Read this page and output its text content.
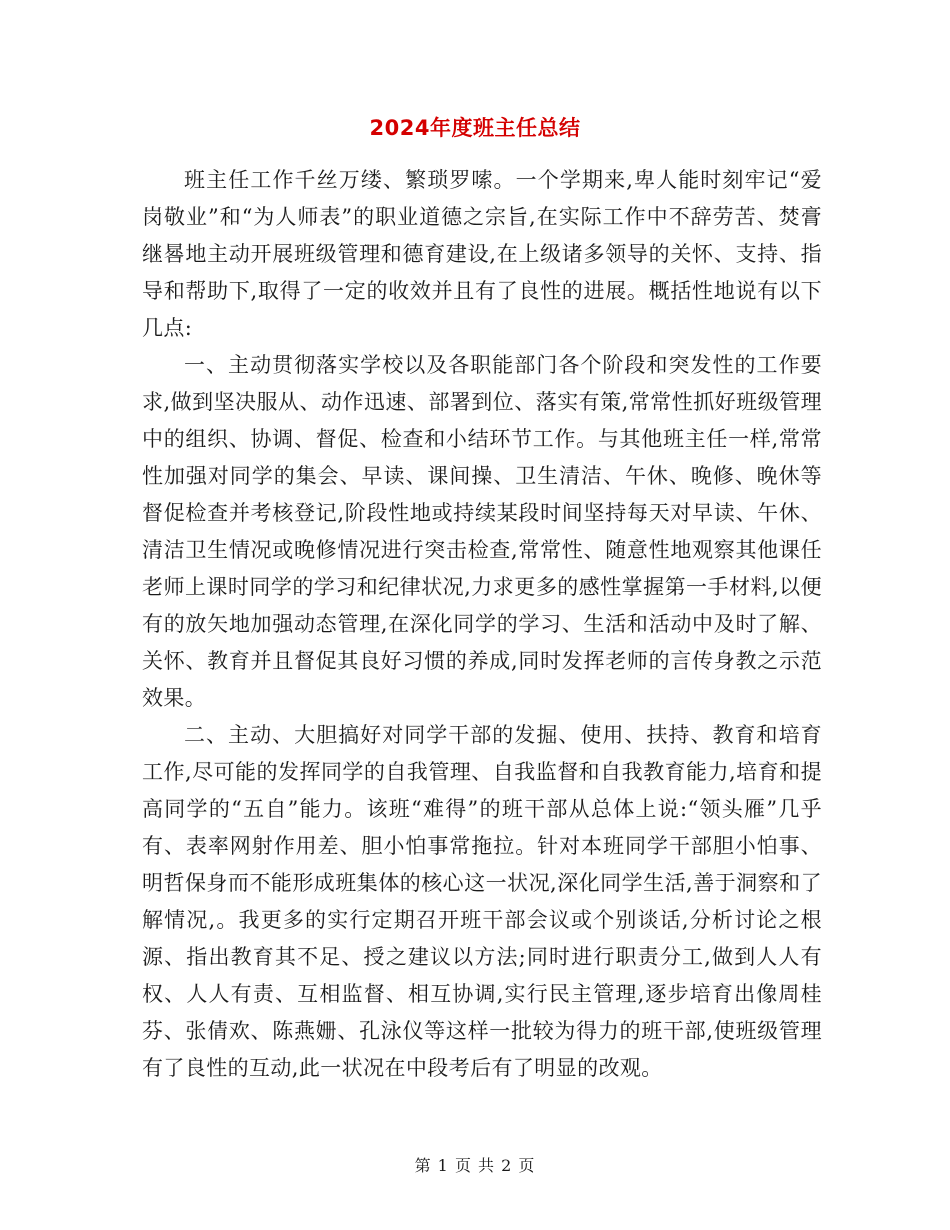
2024年度班主任总结

班主任工作千丝万缕、繁琐罗嗦。一个学期来,卑人能时刻牢记“爱岗敬业”和“为人师表”的职业道德之宗旨,在实际工作中不辞劳苦、焚膏继晷地主动开展班级管理和德育建设,在上级诸多领导的关怀、支持、指导和帮助下,取得了一定的收效并且有了良性的进展。概括性地说有以下几点:

一、主动贯彻落实学校以及各职能部门各个阶段和突发性的工作要求,做到坚决服从、动作迅速、部署到位、落实有策,常常性抓好班级管理中的组织、协调、督促、检查和小结环节工作。与其他班主任一样,常常性加强对同学的集会、早读、课间操、卫生清洁、午休、晚修、晚休等督促检查并考核登记,阶段性地或持续某段时间坚持每天对早读、午休、清洁卫生情况或晚修情况进行突击检查,常常性、随意性地观察其他课任老师上课时同学的学习和纪律状况,力求更多的感性掌握第一手材料,以便有的放矢地加强动态管理,在深化同学的学习、生活和活动中及时了解、关怀、教育并且督促其良好习惯的养成,同时发挥老师的言传身教之示范效果。

二、主动、大胆搞好对同学干部的发掘、使用、扶持、教育和培育工作,尽可能的发挥同学的自我管理、自我监督和自我教育能力,培育和提高同学的“五自”能力。该班“难得”的班干部从总体上说:“领头雁”几乎有、表率网射作用差、胆小怕事常拖拉。针对本班同学干部胆小怕事、明哲保身而不能形成班集体的核心这一状况,深化同学生活,善于洞察和了解情况,。我更多的实行定期召开班干部会议或个别谈话,分析讨论之根源、指出教育其不足、授之建议以方法;同时进行职责分工,做到人人有权、人人有责、互相监督、相互协调,实行民主管理,逐步培育出像周桂芬、张倩欢、陈燕姗、孔泳仪等这样一批较为得力的班干部,使班级管理有了良性的互动,此一状况在中段考后有了明显的改观。

第 1 页 共 2 页
